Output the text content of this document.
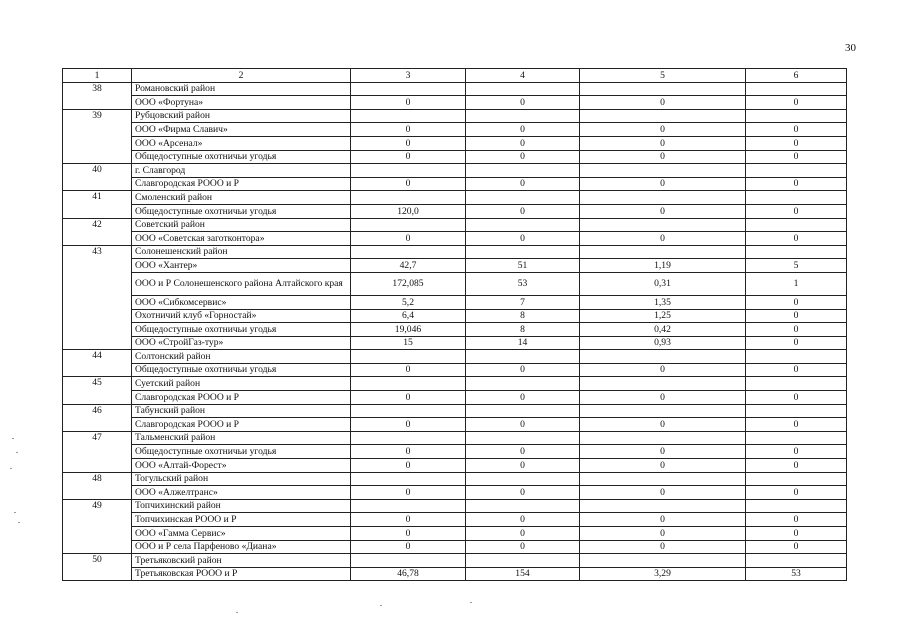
30
1	2	3	4	5	6
38	Романовский район				
	ООО «Фортуна»	0	0	0	0
39	Рубцовский район				
	ООО «Фирма Славич»	0	0	0	0
	ООО «Арсенал»	0	0	0	0
	Общедоступные охотничьи угодья	0	0	0	0
40	г. Славгород				
	Славгородская РООО и Р	0	0	0	0
41	Смоленский район				
	Общедоступные охотничьи угодья	120,0	0	0	0
42	Советский район				
	ООО «Советская заготконтора»	0	0	0	0
43	Солонешенский район				
	ООО «Хантер»	42,7	51	1,19	5
	ООО и Р Солонешенского района Алтайского края	172,085	53	0,31	1
	ООО «Сибкомсервис»	5,2	7	1,35	0
	Охотничий клуб «Горностай»	6,4	8	1,25	0
	Общедоступные охотничьи угодья	19,046	8	0,42	0
	ООО «СтройГаз-тур»	15	14	0,93	0
44	Солтонский район				
	Общедоступные охотничьи угодья	0	0	0	0
45	Суетский район				
	Славгородская РООО и Р	0	0	0	0
46	Табунский район				
	Славгородская РООО и Р	0	0	0	0
47	Тальменский район				
	Общедоступные охотничьи угодья	0	0	0	0
	ООО «Алтай-Форест»	0	0	0	0
48	Тогульский район				
	ООО «Алжелтранс»	0	0	0	0
49	Топчихинский район				
	Топчихинская РООО и Р	0	0	0	0
	ООО «Гамма Сервис»	0	0	0	0
	ООО и Р села Парфеново «Диана»	0	0	0	0
50	Третьяковский район				
	Третьяковская РООО и Р	46,78	154	3,29	53
